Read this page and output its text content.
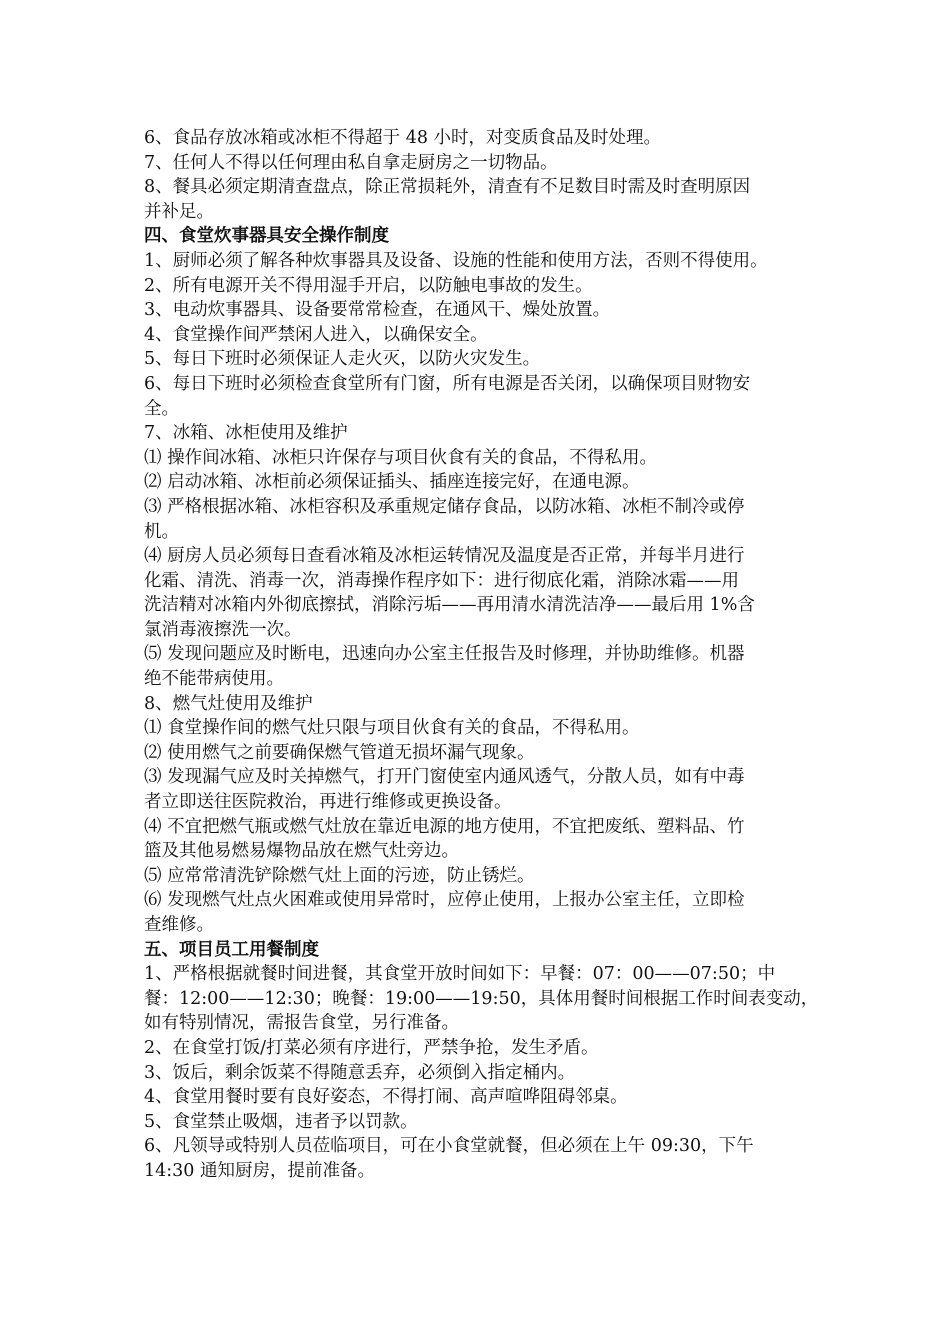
6、食品存放冰箱或冰柜不得超于 48 小时，对变质食品及时处理。
7、任何人不得以任何理由私自拿走厨房之一切物品。
8、餐具必须定期清查盘点，除正常损耗外，清查有不足数目时需及时查明原因
并补足。
四、食堂炊事器具安全操作制度
1、厨师必须了解各种炊事器具及设备、设施的性能和使用方法，否则不得使用。
2、所有电源开关不得用湿手开启，以防触电事故的发生。
3、电动炊事器具、设备要常常检查，在通风干、燥处放置。
4、食堂操作间严禁闲人进入，以确保安全。
5、每日下班时必须保证人走火灭，以防火灾发生。
6、每日下班时必须检查食堂所有门窗，所有电源是否关闭，以确保项目财物安
全。
7、冰箱、冰柜使用及维护
⑴ 操作间冰箱、冰柜只许保存与项目伙食有关的食品，不得私用。
⑵ 启动冰箱、冰柜前必须保证插头、插座连接完好，在通电源。
⑶ 严格根据冰箱、冰柜容积及承重规定储存食品，以防冰箱、冰柜不制冷或停
机。
⑷ 厨房人员必须每日查看冰箱及冰柜运转情况及温度是否正常，并每半月进行
化霜、清洗、消毒一次，消毒操作程序如下：进行彻底化霜，消除冰霜——用
洗洁精对冰箱内外彻底擦拭，消除污垢——再用清水清洗洁净——最后用 1%含
氯消毒液擦洗一次。
⑸ 发现问题应及时断电，迅速向办公室主任报告及时修理，并协助维修。机器
绝不能带病使用。
8、燃气灶使用及维护
⑴ 食堂操作间的燃气灶只限与项目伙食有关的食品，不得私用。
⑵ 使用燃气之前要确保燃气管道无损坏漏气现象。
⑶ 发现漏气应及时关掉燃气，打开门窗使室内通风透气，分散人员，如有中毒
者立即送往医院救治，再进行维修或更换设备。
⑷ 不宜把燃气瓶或燃气灶放在靠近电源的地方使用，不宜把废纸、塑料品、竹
篮及其他易燃易爆物品放在燃气灶旁边。
⑸ 应常常清洗铲除燃气灶上面的污迹，防止锈烂。
⑹ 发现燃气灶点火困难或使用异常时，应停止使用，上报办公室主任，立即检
查维修。
五、项目员工用餐制度
1、严格根据就餐时间进餐，其食堂开放时间如下：早餐：07：00——07:50；中
餐：12:00——12:30；晚餐：19:00——19:50，具体用餐时间根据工作时间表变动，
如有特别情况，需报告食堂，另行准备。
2、在食堂打饭/打菜必须有序进行，严禁争抢，发生矛盾。
3、饭后，剩余饭菜不得随意丢弃，必须倒入指定桶内。
4、食堂用餐时要有良好姿态，不得打闹、高声喧哗阻碍邻桌。
5、食堂禁止吸烟，违者予以罚款。
6、凡领导或特别人员莅临项目，可在小食堂就餐，但必须在上午 09:30，下午
14:30 通知厨房，提前准备。
